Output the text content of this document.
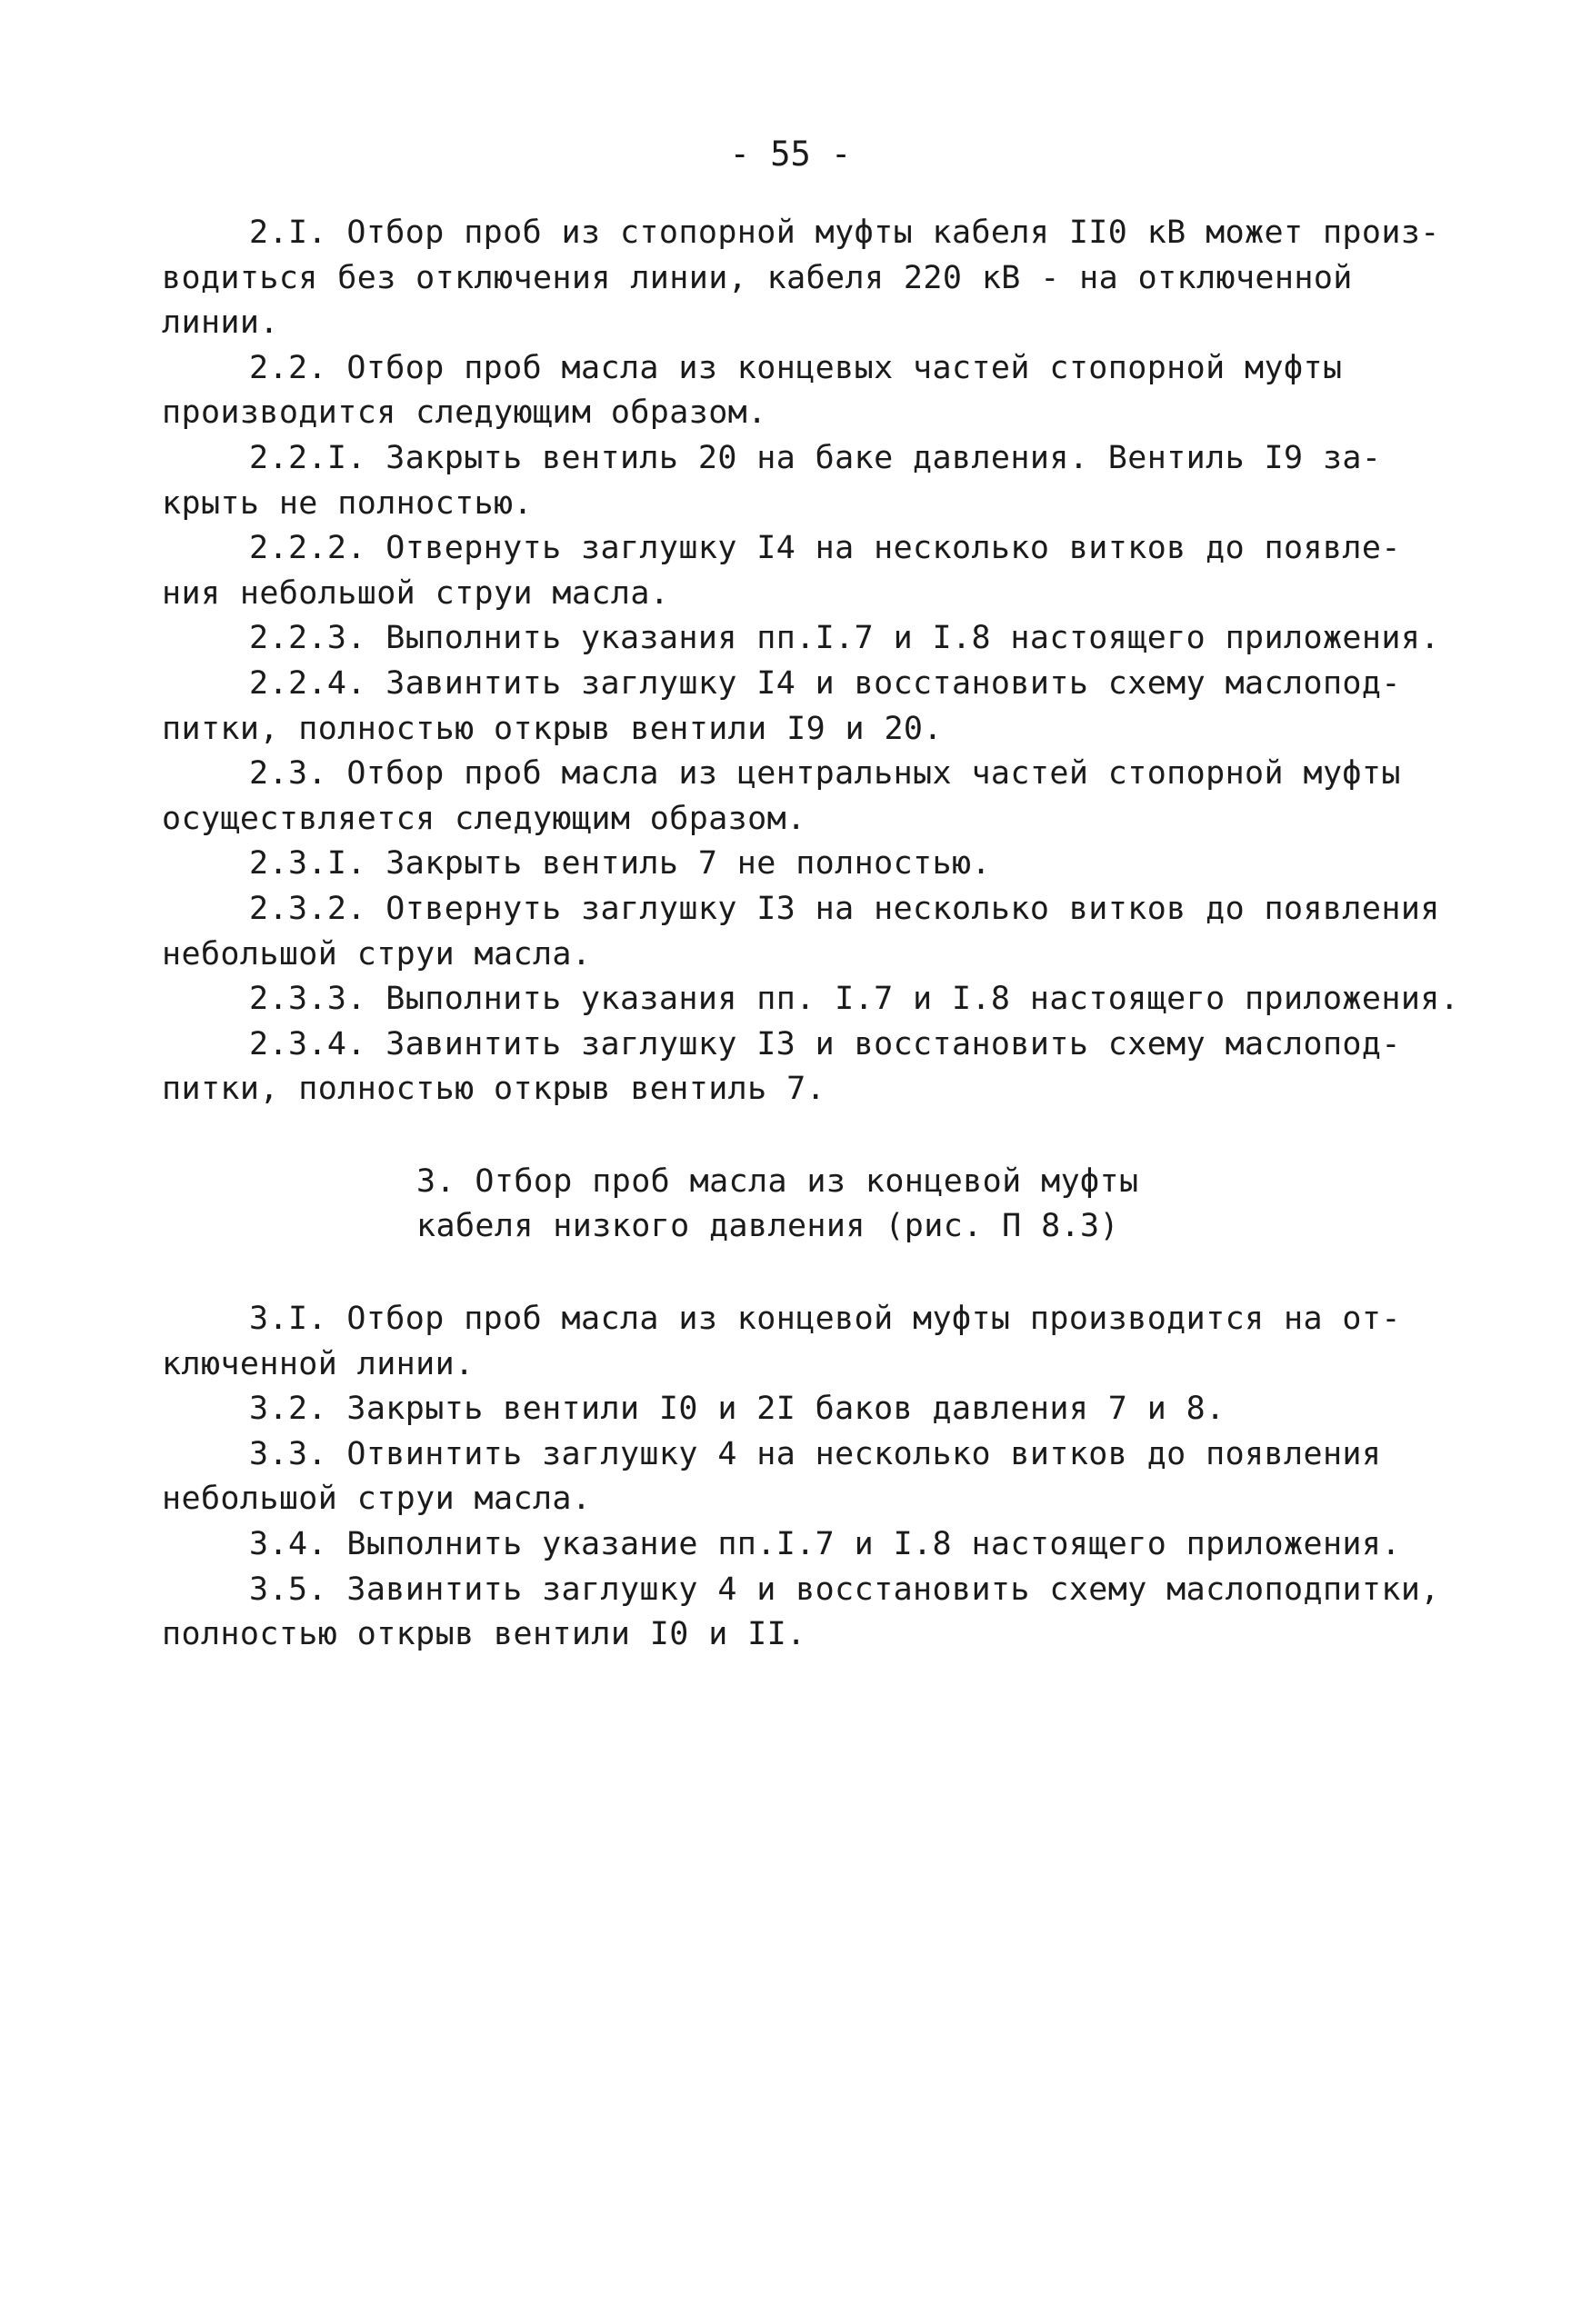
- 55 -
2.I. Отбор проб из стопорной муфты кабеля II0 кВ может произ-
водиться без отключения линии, кабеля 220 кВ - на отключенной
линии.
2.2. Отбор проб масла из концевых частей стопорной муфты
производится следующим образом.
2.2.I. Закрыть вентиль 20 на баке давления. Вентиль I9 за-
крыть не полностью.
2.2.2. Отвернуть заглушку I4 на несколько витков до появле-
ния небольшой струи масла.
2.2.3. Выполнить указания пп.I.7 и I.8 настоящего приложения.
2.2.4. Завинтить заглушку I4 и восстановить схему маслопод-
питки, полностью открыв вентили I9 и 20.
2.3. Отбор проб масла из центральных частей стопорной муфты
осуществляется следующим образом.
2.3.I. Закрыть вентиль 7 не полностью.
2.3.2. Отвернуть заглушку I3 на несколько витков до появления
небольшой струи масла.
2.3.3. Выполнить указания пп. I.7 и I.8 настоящего приложения.
2.3.4. Завинтить заглушку I3 и восстановить схему маслопод-
питки, полностью открыв вентиль 7.
3. Отбор проб масла из концевой муфты
кабеля низкого давления (рис. П 8.3)
3.I. Отбор проб масла из концевой муфты производится на от-
ключенной линии.
3.2. Закрыть вентили I0 и 2I баков давления 7 и 8.
3.3. Отвинтить заглушку 4 на несколько витков до появления
небольшой струи масла.
3.4. Выполнить указание пп.I.7 и I.8 настоящего приложения.
3.5. Завинтить заглушку 4 и восстановить схему маслоподпитки,
полностью открыв вентили I0 и II.
